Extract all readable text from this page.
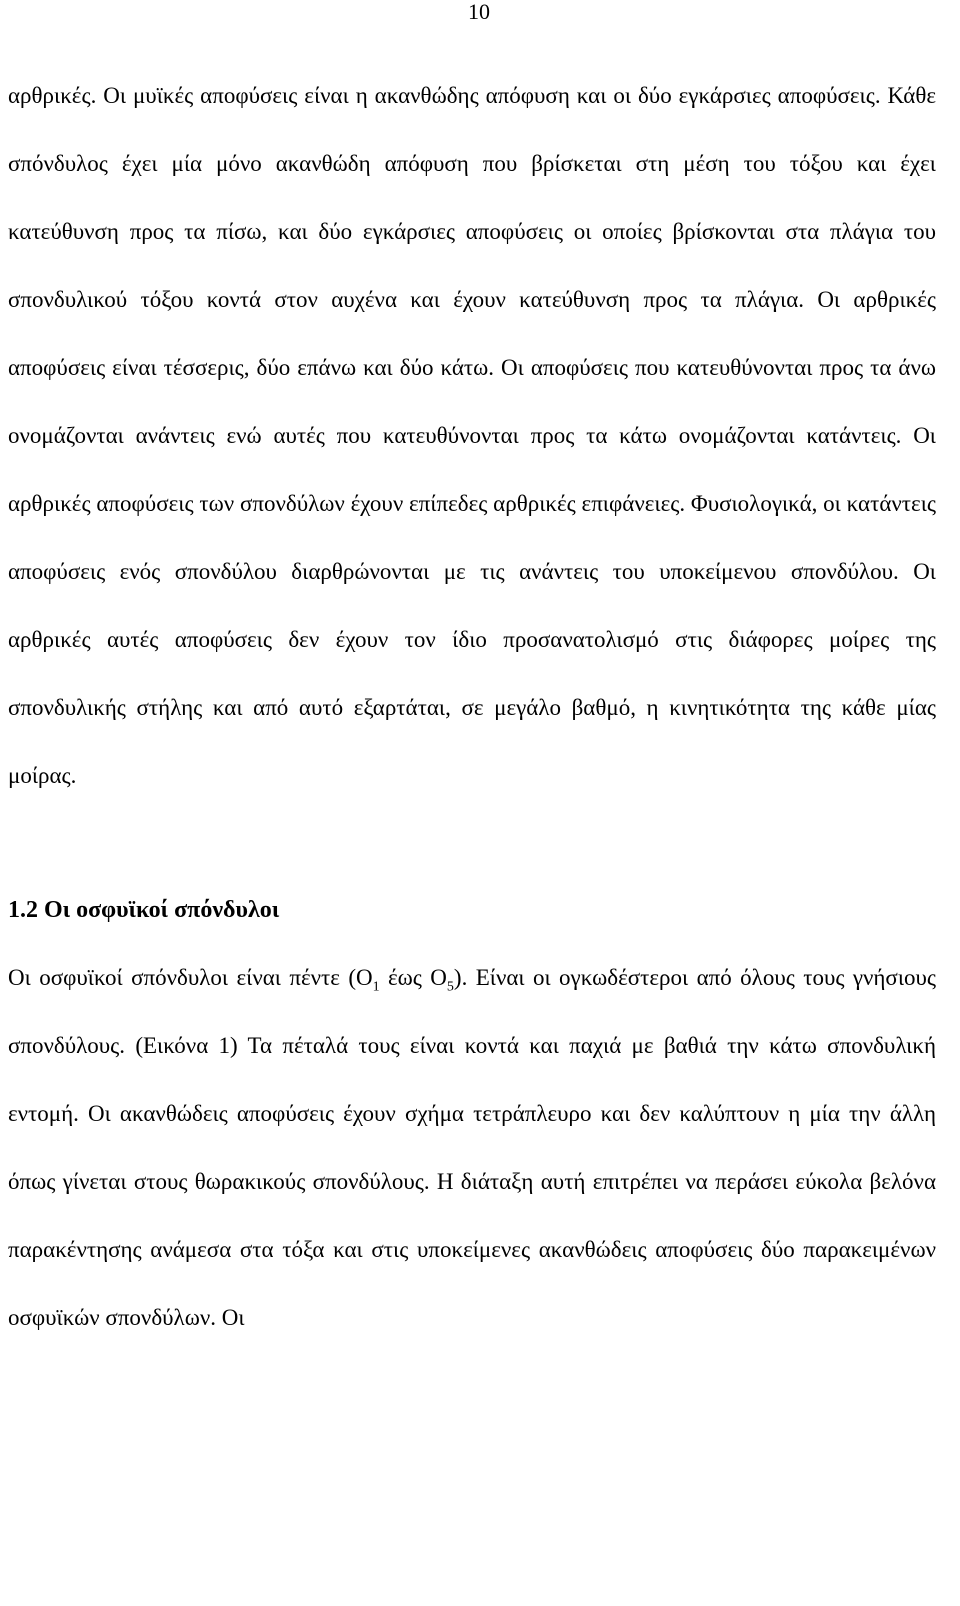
10

αρθρικές. Οι μυϊκές αποφύσεις είναι η ακανθώδης απόφυση και οι δύο εγκάρσιες αποφύσεις. Κάθε σπόνδυλος έχει μία μόνο ακανθώδη απόφυση που βρίσκεται στη μέση του τόξου και έχει κατεύθυνση προς τα πίσω, και δύο εγκάρσιες αποφύσεις οι οποίες βρίσκονται στα πλάγια του σπονδυλικού τόξου κοντά στον αυχένα και έχουν κατεύθυνση προς τα πλάγια. Οι αρθρικές αποφύσεις είναι τέσσερις, δύο επάνω και δύο κάτω. Οι αποφύσεις που κατευθύνονται προς τα άνω ονομάζονται ανάντεις ενώ αυτές που κατευθύνονται προς τα κάτω ονομάζονται κατάντεις. Οι αρθρικές αποφύσεις των σπονδύλων έχουν επίπεδες αρθρικές επιφάνειες. Φυσιολογικά, οι κατάντεις αποφύσεις ενός σπονδύλου διαρθρώνονται με τις ανάντεις του υποκείμενου σπονδύλου. Οι αρθρικές αυτές αποφύσεις δεν έχουν τον ίδιο προσανατολισμό στις διάφορες μοίρες της σπονδυλικής στήλης και από αυτό εξαρτάται, σε μεγάλο βαθμό, η κινητικότητα της κάθε μίας μοίρας.

1.2 Οι οσφυϊκοί σπόνδυλοι

Οι οσφυϊκοί σπόνδυλοι είναι πέντε ($O_1$ έως $O_5$). Είναι οι ογκωδέστεροι από όλους τους γνήσιους σπονδύλους. (Εικόνα 1) Τα πέταλά τους είναι κοντά και παχιά με βαθιά την κάτω σπονδυλική εντομή. Οι ακανθώδεις αποφύσεις έχουν σχήμα τετράπλευρο και δεν καλύπτουν η μία την άλλη όπως γίνεται στους θωρακικούς σπονδύλους. Η διάταξη αυτή επιτρέπει να περάσει εύκολα βελόνα παρακέντησης ανάμεσα στα τόξα και στις υποκείμενες ακανθώδεις αποφύσεις δύο παρακειμένων οσφυϊκών σπονδύλων. Οι
